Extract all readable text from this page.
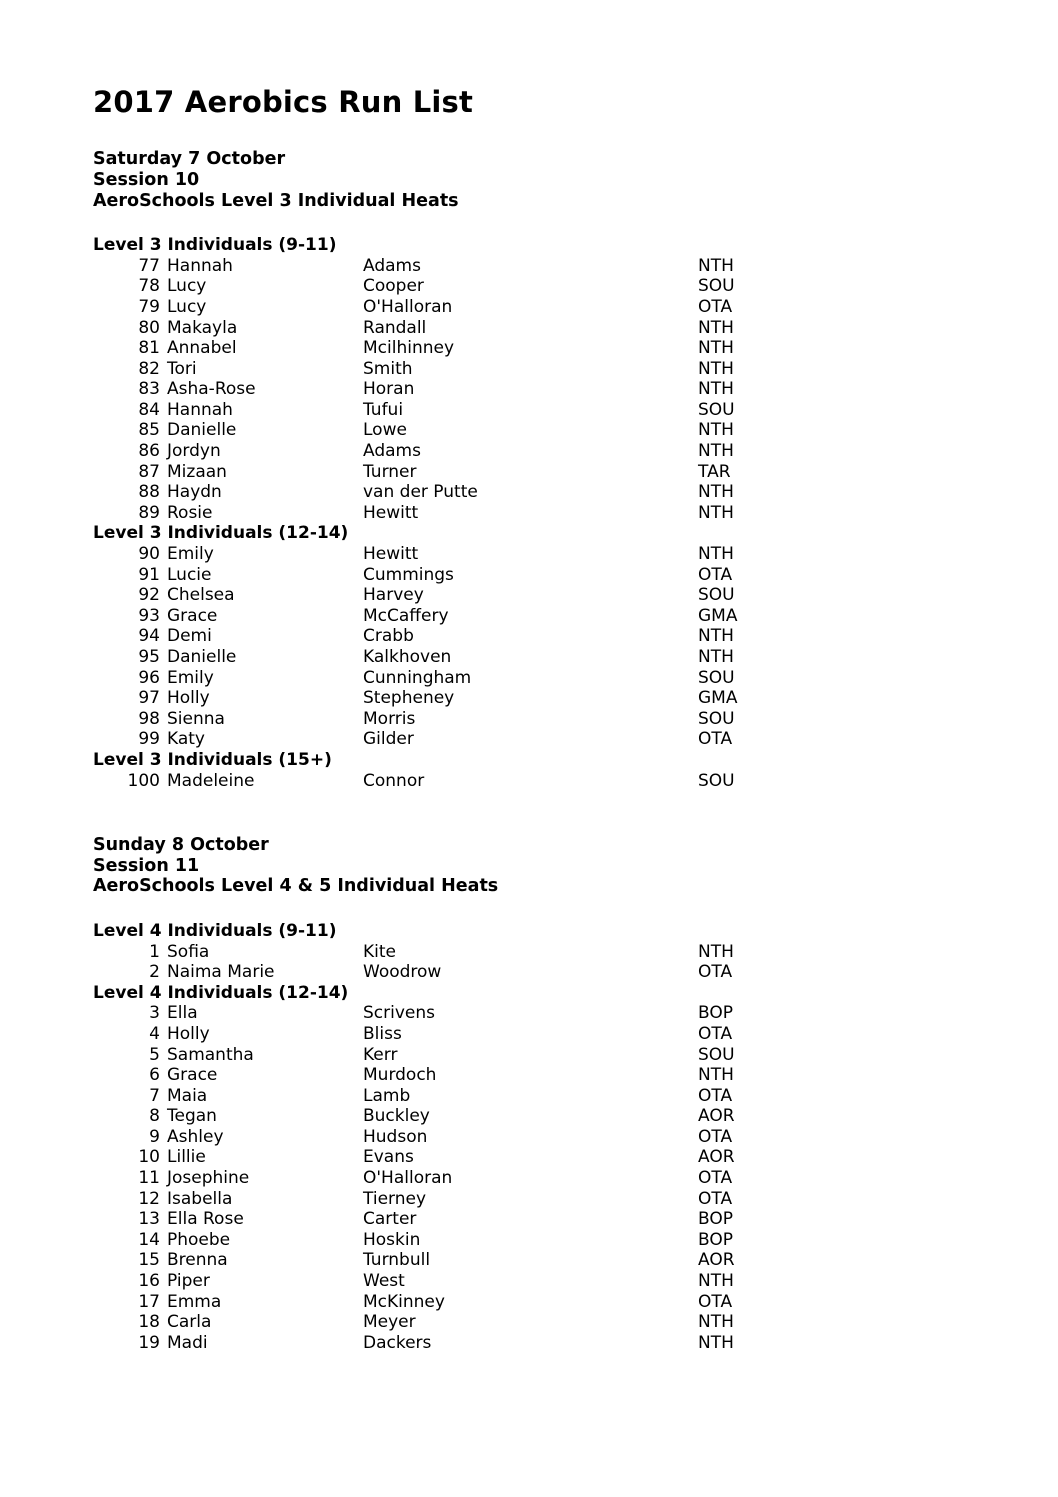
2017 Aerobics Run List
Saturday 7 October
Session 10
AeroSchools Level 3 Individual Heats
Level 3 Individuals (9-11)
77 Hannah	Adams	NTH
78 Lucy	Cooper	SOU
79 Lucy	O'Halloran	OTA
80 Makayla	Randall	NTH
81 Annabel	Mcilhinney	NTH
82 Tori	Smith	NTH
83 Asha-Rose	Horan	NTH
84 Hannah	Tufui	SOU
85 Danielle	Lowe	NTH
86 Jordyn	Adams	NTH
87 Mizaan	Turner	TAR
88 Haydn	van der Putte	NTH
89 Rosie	Hewitt	NTH
Level 3 Individuals (12-14)
90 Emily	Hewitt	NTH
91 Lucie	Cummings	OTA
92 Chelsea	Harvey	SOU
93 Grace	McCaffery	GMA
94 Demi	Crabb	NTH
95 Danielle	Kalkhoven	NTH
96 Emily	Cunningham	SOU
97 Holly	Stepheney	GMA
98 Sienna	Morris	SOU
99 Katy	Gilder	OTA
Level 3 Individuals (15+)
100 Madeleine	Connor	SOU
Sunday 8 October
Session 11
AeroSchools Level 4 & 5 Individual Heats
Level 4 Individuals (9-11)
1 Sofia	Kite	NTH
2 Naima Marie	Woodrow	OTA
Level 4 Individuals (12-14)
3 Ella	Scrivens	BOP
4 Holly	Bliss	OTA
5 Samantha	Kerr	SOU
6 Grace	Murdoch	NTH
7 Maia	Lamb	OTA
8 Tegan	Buckley	AOR
9 Ashley	Hudson	OTA
10 Lillie	Evans	AOR
11 Josephine	O'Halloran	OTA
12 Isabella	Tierney	OTA
13 Ella Rose	Carter	BOP
14 Phoebe	Hoskin	BOP
15 Brenna	Turnbull	AOR
16 Piper	West	NTH
17 Emma	McKinney	OTA
18 Carla	Meyer	NTH
19 Madi	Dackers	NTH
